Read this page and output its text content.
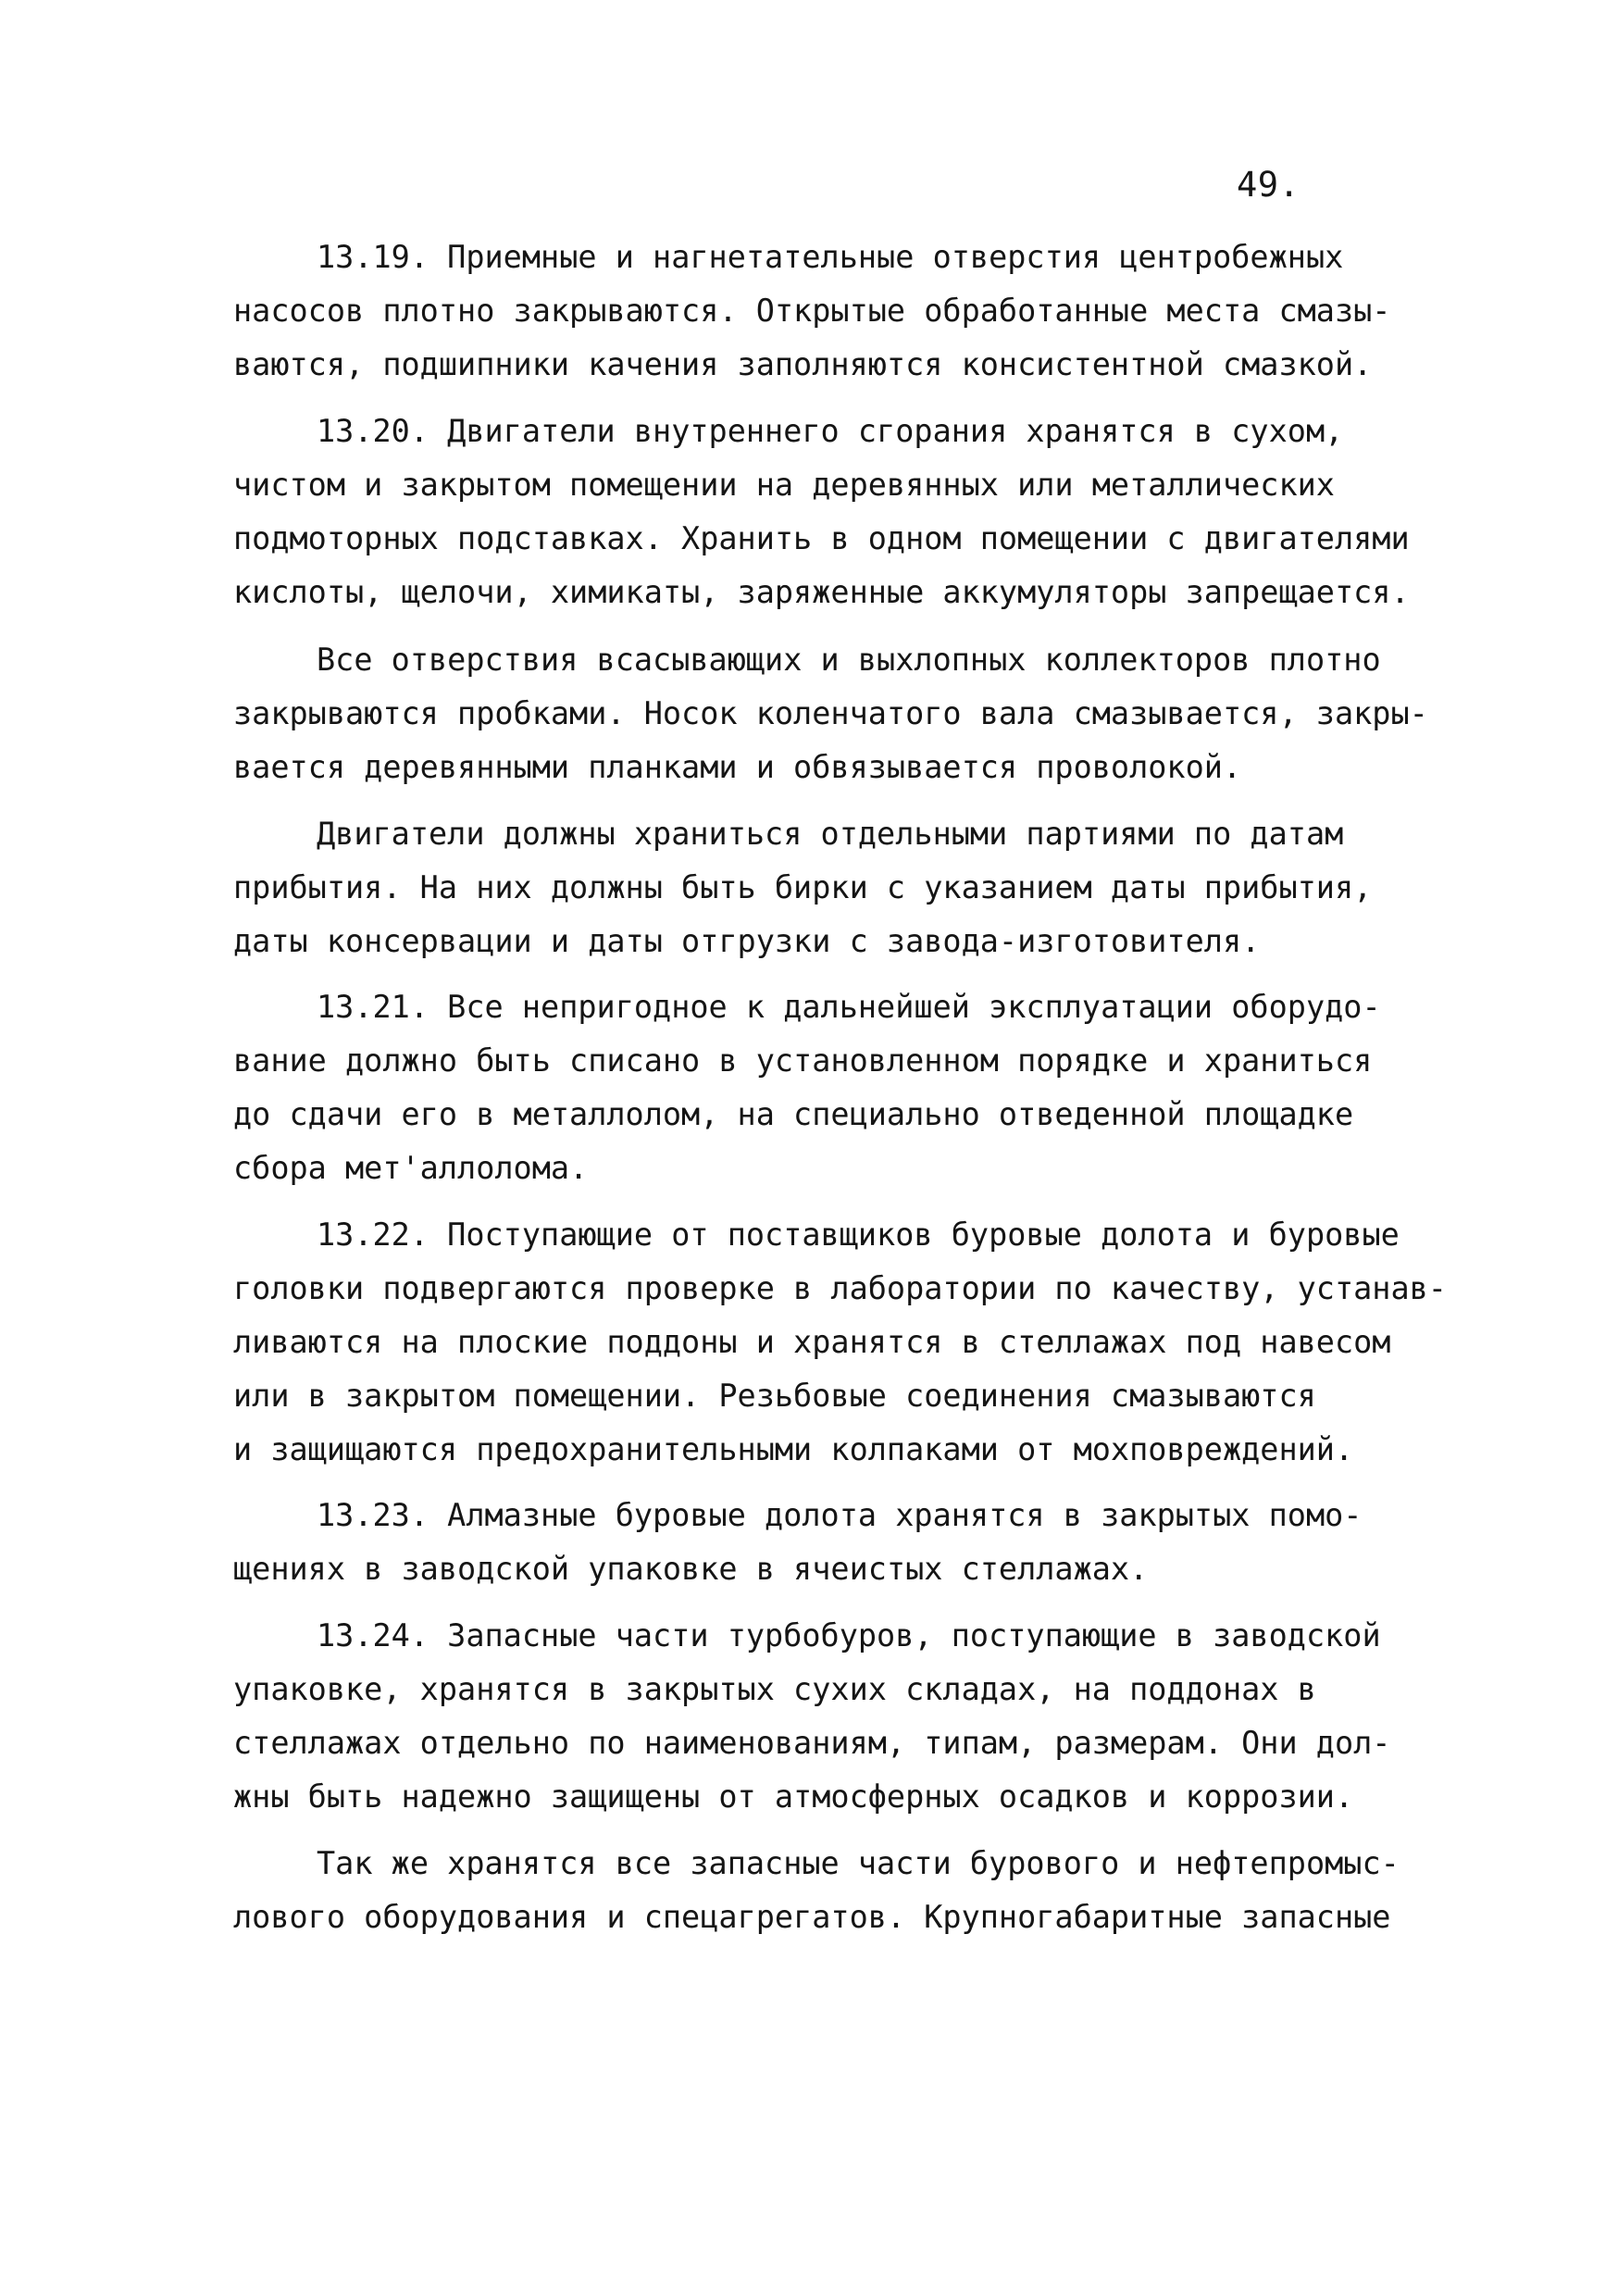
49.
13.19. Приемные и нагнетательные отверстия центробежных
насосов плотно закрываются. Открытые обработанные места смазы-
ваются, подшипники качения заполняются консистентной смазкой.
13.20. Двигатели внутреннего сгорания хранятся в сухом,
чистом и закрытом помещении на деревянных или металлических
подмоторных подставках. Хранить в одном помещении с двигателями
кислоты, щелочи, химикаты, заряженные аккумуляторы запрещается.
Все отверствия всасывающих и выхлопных коллекторов плотно
закрываются пробками. Носок коленчатого вала смазывается, закры-
вается деревянными планками и обвязывается проволокой.
Двигатели должны храниться отдельными партиями по датам
прибытия. На них должны быть бирки с указанием даты прибытия,
даты консервации и даты отгрузки с завода-изготовителя.
13.21. Все непригодное к дальнейшей эксплуатации оборудо-
вание должно быть списано в установленном порядке и храниться
до сдачи его в металлолом, на специально отведенной площадке
сбора мет'аллолома.
13.22. Поступающие от поставщиков буровые долота и буровые
головки подвергаются проверке в лаборатории по качеству, устанав-
ливаются на плоские поддоны и хранятся в стеллажах под навесом
или в закрытом помещении. Резьбовые соединения смазываются
и защищаются предохранительными колпаками от мохповреждений.
13.23. Алмазные буровые долота хранятся в закрытых помо-
щениях в заводской упаковке в ячеистых стеллажах.
13.24. Запасные части турбобуров, поступающие в заводской
упаковке, хранятся в закрытых сухих складах, на поддонах в
стеллажах отдельно по наименованиям, типам, размерам. Они дол-
жны быть надежно защищены от атмосферных осадков и коррозии.
Так же хранятся все запасные части бурового и нефтепромыс-
лового оборудования и спецагрегатов. Крупногабаритные запасные
